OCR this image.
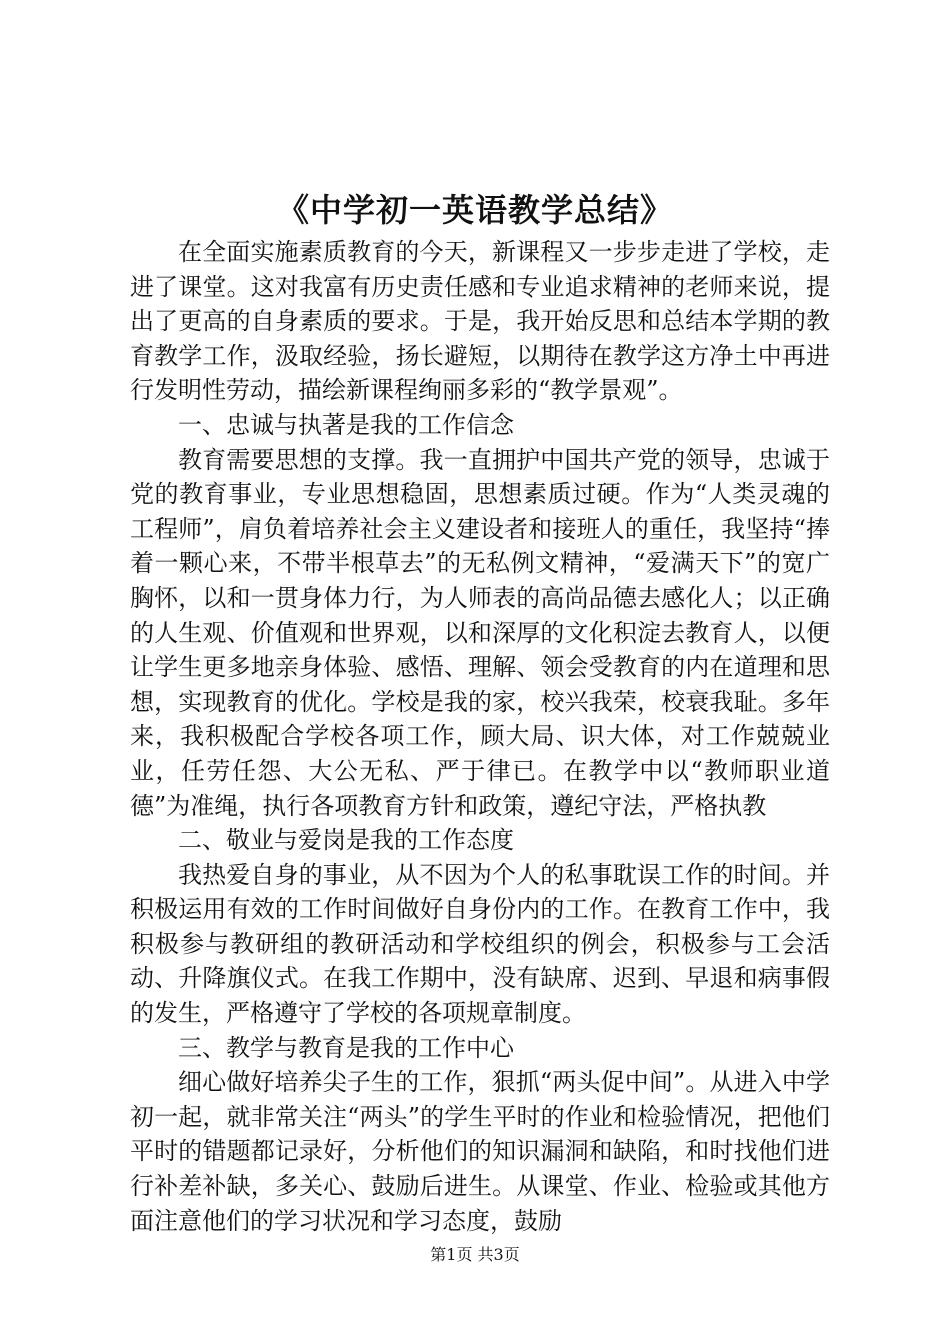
《中学初一英语教学总结》

在全面实施素质教育的今天，新课程又一步步走进了学校，走进了课堂。这对我富有历史责任感和专业追求精神的老师来说，提出了更高的自身素质的要求。于是，我开始反思和总结本学期的教育教学工作，汲取经验，扬长避短，以期待在教学这方净土中再进行发明性劳动，描绘新课程绚丽多彩的“教学景观”。

一、忠诚与执著是我的工作信念

教育需要思想的支撑。我一直拥护中国共产党的领导，忠诚于党的教育事业，专业思想稳固，思想素质过硬。作为“人类灵魂的工程师”，肩负着培养社会主义建设者和接班人的重任，我坚持“捧着一颗心来，不带半根草去”的无私例文精神，“爱满天下”的宽广胸怀，以和一贯身体力行，为人师表的高尚品德去感化人；以正确的人生观、价值观和世界观，以和深厚的文化积淀去教育人，以便让学生更多地亲身体验、感悟、理解、领会受教育的内在道理和思想，实现教育的优化。学校是我的家，校兴我荣，校衰我耻。多年来，我积极配合学校各项工作，顾大局、识大体，对工作兢兢业业，任劳任怨、大公无私、严于律已。在教学中以“教师职业道德”为准绳，执行各项教育方针和政策，遵纪守法，严格执教

二、敬业与爱岗是我的工作态度

我热爱自身的事业，从不因为个人的私事耽误工作的时间。并积极运用有效的工作时间做好自身份内的工作。在教育工作中，我积极参与教研组的教研活动和学校组织的例会，积极参与工会活动、升降旗仪式。在我工作期中，没有缺席、迟到、早退和病事假的发生，严格遵守了学校的各项规章制度。

三、教学与教育是我的工作中心

细心做好培养尖子生的工作，狠抓“两头促中间”。从进入中学初一起，就非常关注“两头”的学生平时的作业和检验情况，把他们平时的错题都记录好，分析他们的知识漏洞和缺陷，和时找他们进行补差补缺，多关心、鼓励后进生。从课堂、作业、检验或其他方面注意他们的学习状况和学习态度，鼓励

第1页 共3页
